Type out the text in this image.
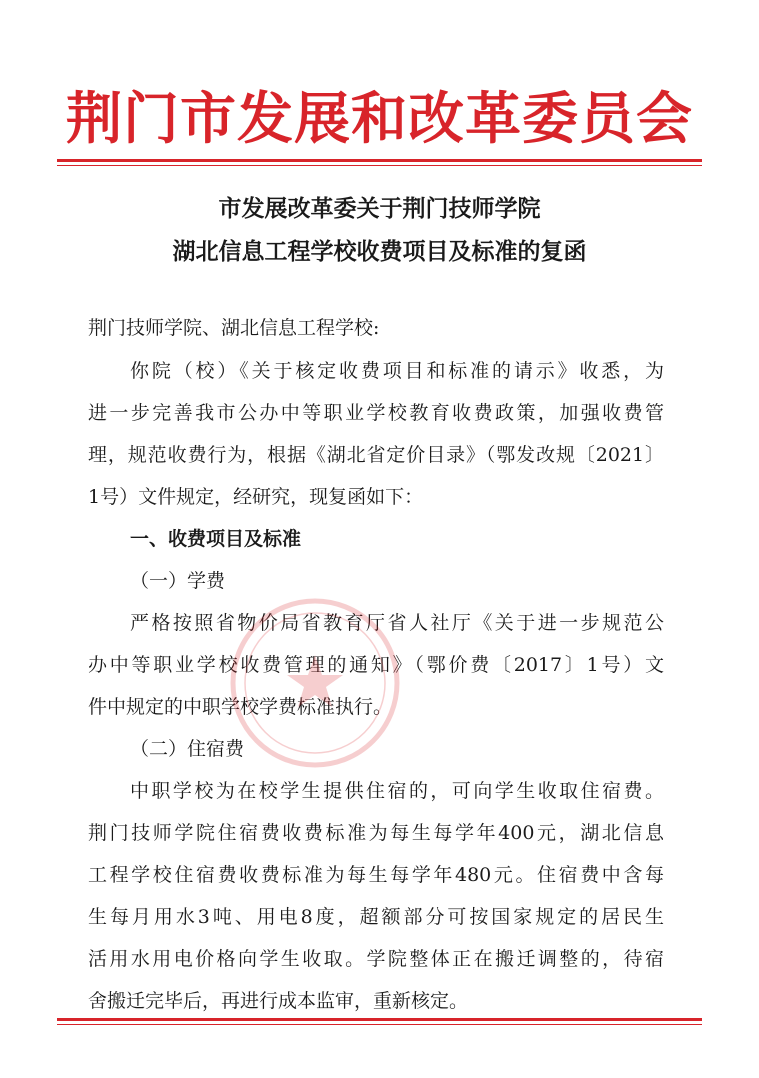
荆门市发展和改革委员会
市发展改革委关于荆门技师学院
湖北信息工程学校收费项目及标准的复函
荆门技师学院、湖北信息工程学校:
你院（校）《关于核定收费项目和标准的请示》收悉，为
进一步完善我市公办中等职业学校教育收费政策，加强收费管
理，规范收费行为，根据《湖北省定价目录》（鄂发改规〔2021〕
1号）文件规定，经研究，现复函如下：
一、收费项目及标准
（一）学费
严格按照省物价局省教育厅省人社厅《关于进一步规范公
办中等职业学校收费管理的通知》（鄂价费〔2017〕1号）文
件中规定的中职学校学费标准执行。
（二）住宿费
中职学校为在校学生提供住宿的，可向学生收取住宿费。
荆门技师学院住宿费收费标准为每生每学年400元，湖北信息
工程学校住宿费收费标准为每生每学年480元。住宿费中含每
生每月用水3吨、用电8度，超额部分可按国家规定的居民生
活用水用电价格向学生收取。学院整体正在搬迁调整的，待宿
舍搬迁完毕后，再进行成本监审，重新核定。
